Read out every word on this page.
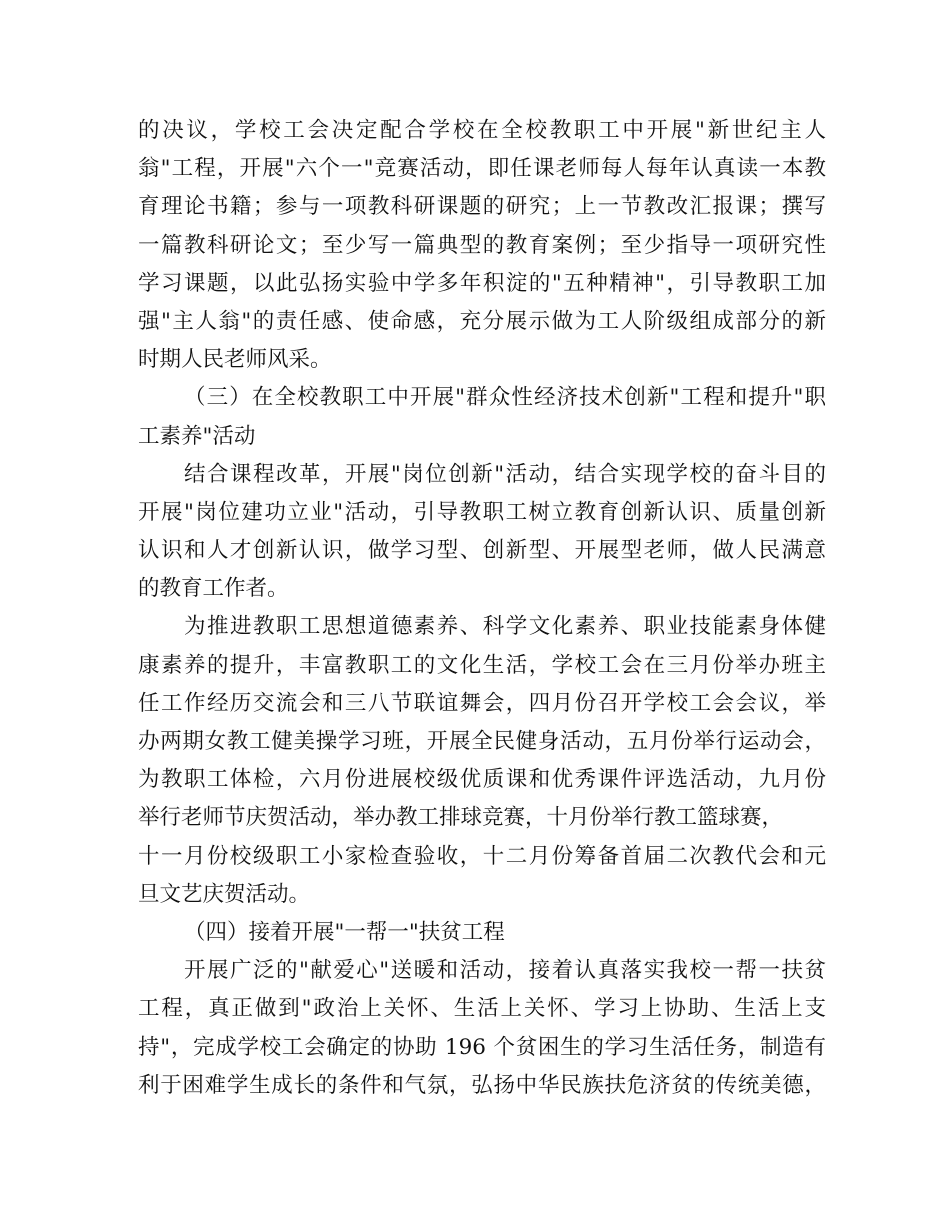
的决议，学校工会决定配合学校在全校教职工中开展"新世纪主人
翁"工程，开展"六个一"竞赛活动，即任课老师每人每年认真读一本教
育理论书籍；参与一项教科研课题的研究；上一节教改汇报课；撰写
一篇教科研论文；至少写一篇典型的教育案例；至少指导一项研究性
学习课题，以此弘扬实验中学多年积淀的"五种精神"，引导教职工加
强"主人翁"的责任感、使命感，充分展示做为工人阶级组成部分的新
时期人民老师风采。
（三）在全校教职工中开展"群众性经济技术创新"工程和提升"职
工素养"活动
结合课程改革，开展"岗位创新"活动，结合实现学校的奋斗目的
开展"岗位建功立业"活动，引导教职工树立教育创新认识、质量创新
认识和人才创新认识，做学习型、创新型、开展型老师，做人民满意
的教育工作者。
为推进教职工思想道德素养、科学文化素养、职业技能素身体健
康素养的提升，丰富教职工的文化生活，学校工会在三月份举办班主
任工作经历交流会和三八节联谊舞会，四月份召开学校工会会议，举
办两期女教工健美操学习班，开展全民健身活动，五月份举行运动会，
为教职工体检，六月份进展校级优质课和优秀课件评选活动，九月份
举行老师节庆贺活动，举办教工排球竞赛，十月份举行教工篮球赛，
十一月份校级职工小家检查验收，十二月份筹备首届二次教代会和元
旦文艺庆贺活动。
（四）接着开展"一帮一"扶贫工程
开展广泛的"献爱心"送暖和活动，接着认真落实我校一帮一扶贫
工程，真正做到"政治上关怀、生活上关怀、学习上协助、生活上支
持"，完成学校工会确定的协助 196 个贫困生的学习生活任务，制造有
利于困难学生成长的条件和气氛，弘扬中华民族扶危济贫的传统美德，
